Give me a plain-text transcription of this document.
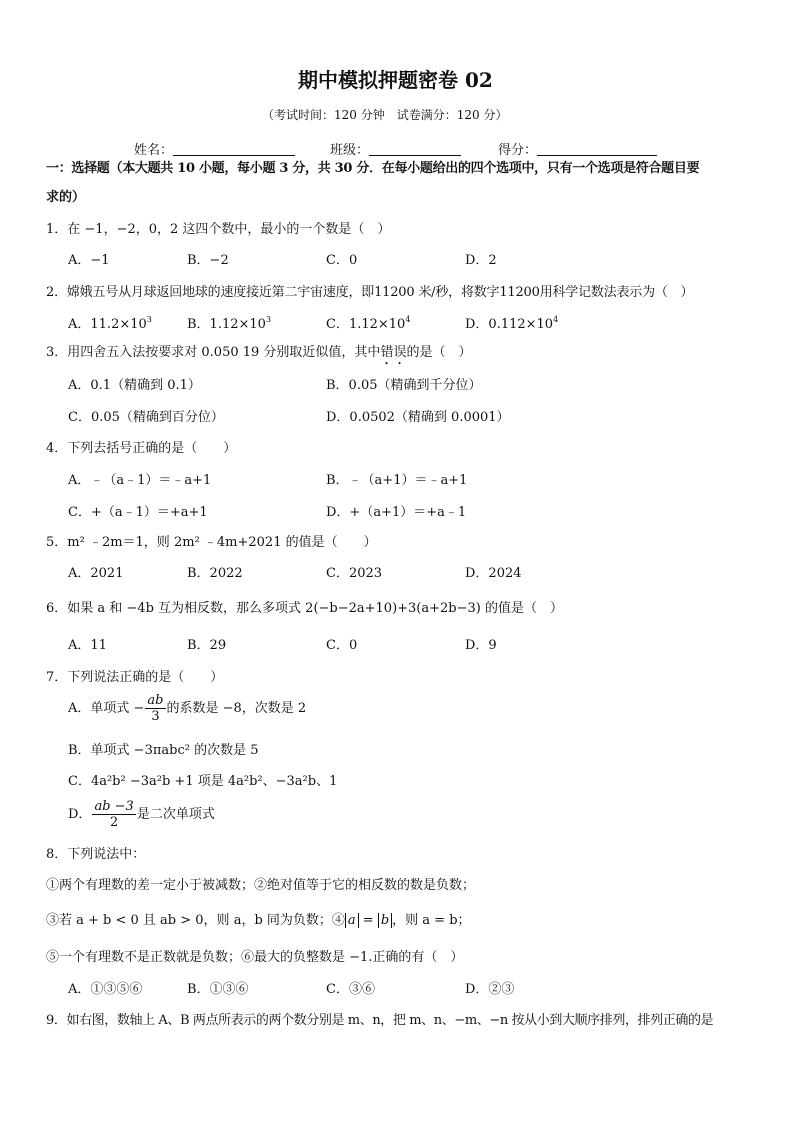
期中模拟押题密卷 02
（考试时间：120 分钟　试卷满分：120 分）
姓名：	班级：	得分：
一：选择题（本大题共 10 小题，每小题 3 分，共 30 分．在每小题给出的四个选项中，只有一个选项是符合题目要
求的）
1．在 −1，−2，0，2 这四个数中，最小的一个数是（　）
A．−1	B．−2	C．0	D．2
2．嫦娥五号从月球返回地球的速度接近第二宇宙速度，即11200 米/秒，将数字11200用科学记数法表示为（　）
A．$11.2\times 10^3$	B．$1.12\times 10^3$	C．$1.12\times 10^4$	D．$0.112\times 10^4$
3．用四舍五入法按要求对 0.050 19 分别取近似值，其中错误的是（　）
A．0.1（精确到 0.1）	B．0.05（精确到千分位）
C．0.05（精确到百分位）	D．0.0502（精确到 0.0001）
4．下列去括号正确的是（　　）
A．﹣（a﹣1）＝﹣a+1	B．﹣（a+1）＝﹣a+1
C．+（a﹣1）＝+a+1	D．+（a+1）＝+a﹣1
5．m² ﹣2m＝1，则 2m² ﹣4m+2021 的值是（　　）
A．2021	B．2022	C．2023	D．2024
6．如果 a 和 −4b 互为相反数，那么多项式 2(−b−2a+10)+3(a+2b−3) 的值是（　）
A．11	B．29	C．0	D．9
7．下列说法正确的是（　　）
A．单项式 − $\frac{ab}{3}$ 的系数是 −8，次数是 2
B．单项式 −3πabc² 的次数是 5
C．4a²b² −3a²b +1 项是 4a²b²、−3a²b、1
D． $\frac{ab -3}{2}$ 是二次单项式
8．下列说法中：
①两个有理数的差一定小于被减数；②绝对值等于它的相反数的数是负数；
③若 a + b < 0 且 ab > 0，则 a，b 同为负数；④ a = b ，则 a = b；
⑤一个有理数不是正数就是负数；⑥最大的负整数是 −1.正确的有（　）
A．①③⑤⑥	B．①③⑥	C．③⑥	D．②③
9．如右图，数轴上 A、B 两点所表示的两个数分别是 m、n，把 m、n、−m、−n 按从小到大顺序排列，排列正确的是
